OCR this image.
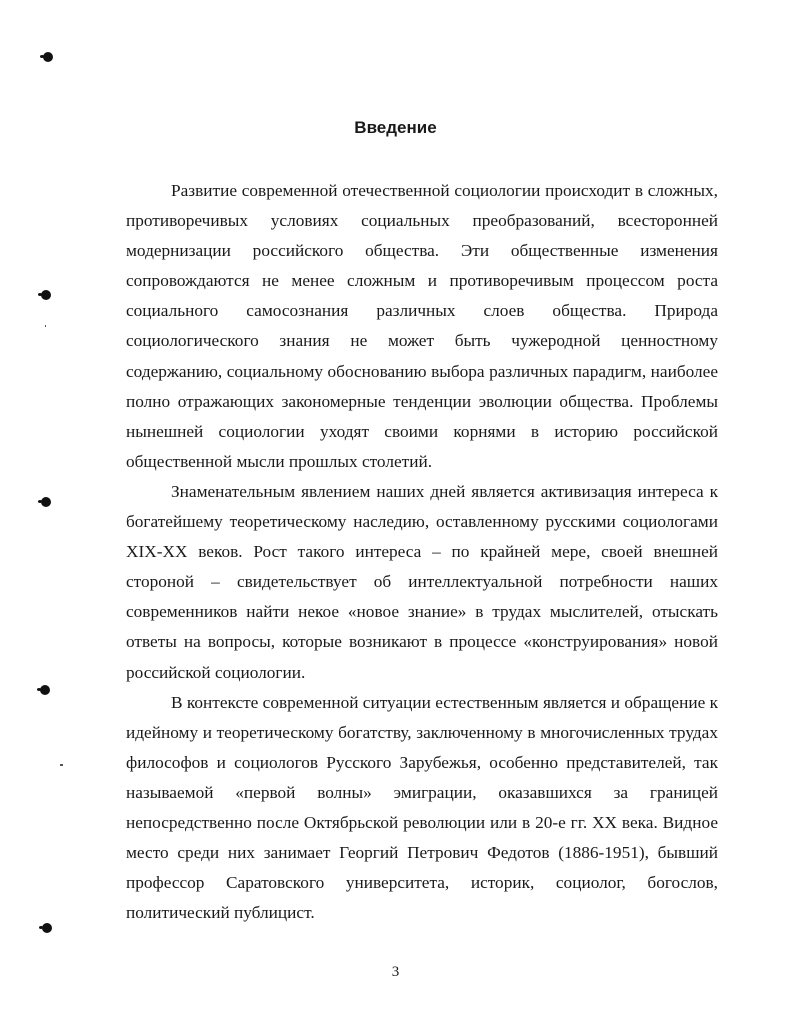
Введение

Развитие современной отечественной социологии происходит в сложных, противоречивых условиях социальных преобразований, всесторонней модернизации российского общества. Эти общественные изменения сопровождаются не менее сложным и противоречивым процессом роста социального самосознания различных слоев общества. Природа социологического знания не может быть чужеродной ценностному содержанию, социальному обоснованию выбора различных парадигм, наиболее полно отражающих закономерные тенденции эволюции общества. Проблемы нынешней социологии уходят своими корнями в историю российской общественной мысли прошлых столетий.

Знаменательным явлением наших дней является активизация интереса к богатейшему теоретическому наследию, оставленному русскими социологами XIX-XX веков. Рост такого интереса – по крайней мере, своей внешней стороной – свидетельствует об интеллектуальной потребности наших современников найти некое «новое знание» в трудах мыслителей, отыскать ответы на вопросы, которые возникают в процессе «конструирования» новой российской социологии.

В контексте современной ситуации естественным является и обращение к идейному и теоретическому богатству, заключенному в многочисленных трудах философов и социологов Русского Зарубежья, особенно представителей, так называемой «первой волны» эмиграции, оказавшихся за границей непосредственно после Октябрьской революции или в 20-е гг. XX века. Видное место среди них занимает Георгий Петрович Федотов (1886-1951), бывший профессор Саратовского университета, историк, социолог, богослов, политический публицист.

3
